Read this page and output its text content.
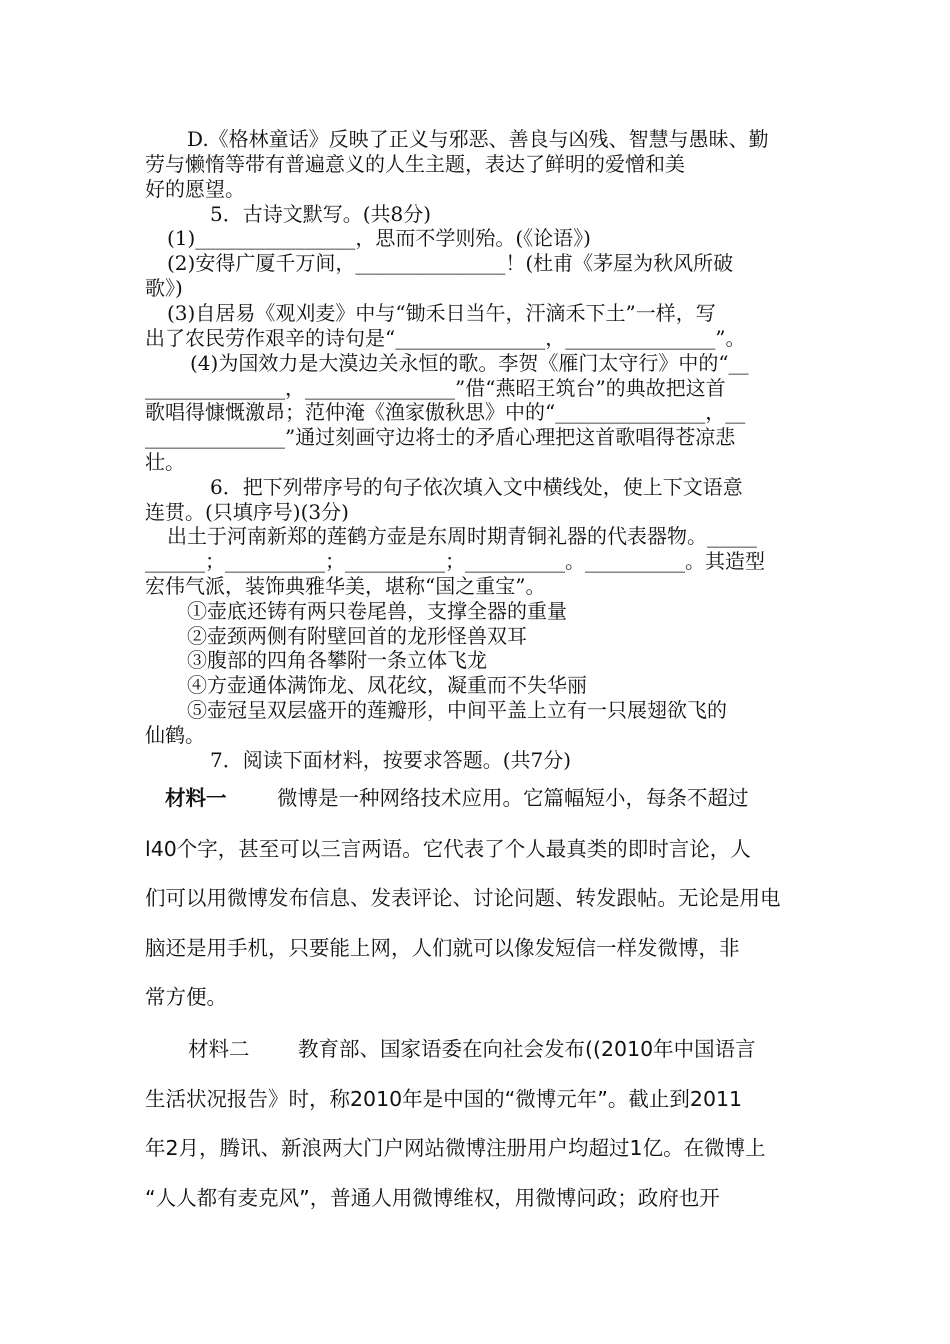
D.《格林童话》反映了正义与邪恶、善良与凶残、智慧与愚昧、勤
劳与懒惰等带有普遍意义的人生主题，表达了鲜明的爱憎和美
好的愿望。
5．古诗文默写。(共8分)
(1)________________，思而不学则殆。(《论语》)
(2)安得广厦千万间，_______________！(杜甫《茅屋为秋风所破
歌》)
(3)自居易《观刈麦》中与“锄禾日当午，汗滴禾下土”一样，写
出了农民劳作艰辛的诗句是“_______________，_______________”。
(4)为国效力是大漠边关永恒的歌。李贺《雁门太守行》中的“__
______________，_______________”借“燕昭王筑台”的典故把这首
歌唱得慷慨激昂；范仲淹《渔家傲秋思》中的“_______________，__
______________”通过刻画守边将士的矛盾心理把这首歌唱得苍凉悲
壮。
6．把下列带序号的句子依次填入文中横线处，使上下文语意
连贯。(只填序号)(3分)
出土于河南新郑的莲鹤方壶是东周时期青铜礼器的代表器物。_____
______；__________；__________；__________。__________。其造型
宏伟气派，装饰典雅华美，堪称“国之重宝”。
①壶底还铸有两只卷尾兽，支撑全器的重量
②壶颈两侧有附壁回首的龙形怪兽双耳
③腹部的四角各攀附一条立体飞龙
④方壶通体满饰龙、凤花纹，凝重而不失华丽
⑤壶冠呈双层盛开的莲瓣形，中间平盖上立有一只展翅欲飞的
仙鹤。
7．阅读下面材料，按要求答题。(共7分)
材料一 微博是一种网络技术应用。它篇幅短小，每条不超过
l40个字，甚至可以三言两语。它代表了个人最真类的即时言论，人
们可以用微博发布信息、发表评论、讨论问题、转发跟帖。无论是用电
脑还是用手机，只要能上网，人们就可以像发短信一样发微博，非
常方便。
材料二 教育部、国家语委在向社会发布((2010年中国语言
生活状况报告》时，称2010年是中国的“微博元年”。截止到2011
年2月，腾讯、新浪两大门户网站微博注册用户均超过1亿。在微博上
“人人都有麦克风”，普通人用微博维权，用微博问政；政府也开
